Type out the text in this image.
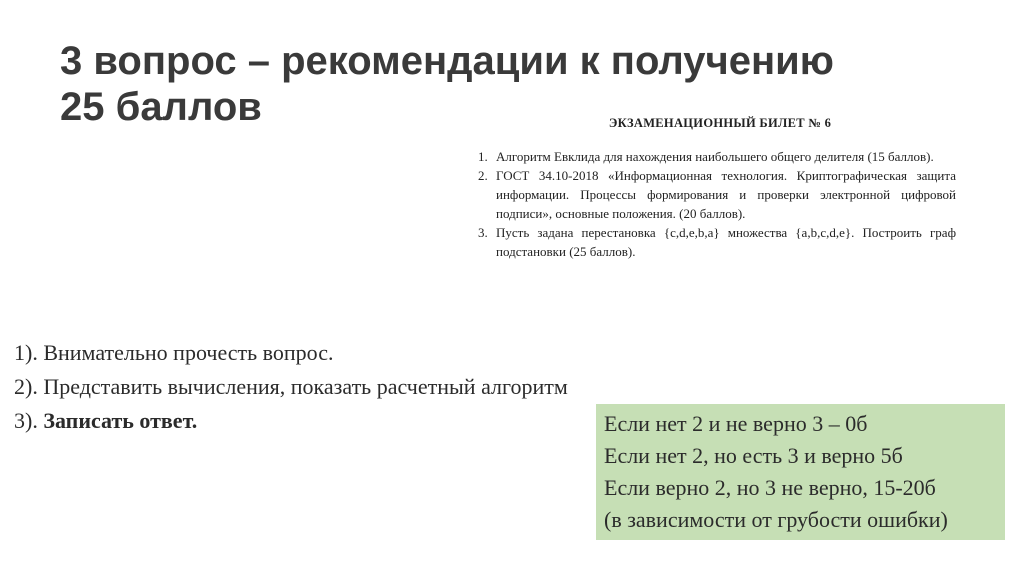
3 вопрос – рекомендации к получению
25 баллов	ЭКЗАМЕНАЦИОННЫЙ БИЛЕТ № 6
1. Алгоритм Евклида для нахождения наибольшего общего делителя (15 баллов).
2. ГОСТ 34.10-2018 «Информационная технология. Криптографическая защита информации. Процессы формирования и проверки электронной цифровой подписи», основные положения. (20 баллов).
3. Пусть задана перестановка {c,d,e,b,a} множества {a,b,c,d,e}. Построить граф подстановки (25 баллов).

1). Внимательно прочесть вопрос.

2). Представить вычисления, показать расчетный алгоритм

3). Записать ответ.	Если нет 2 и не верно 3 – 0б

Если нет 2, но есть 3 и верно 5б

Если верно 2, но 3 не верно, 15-20б

(в зависимости от грубости ошибки)
